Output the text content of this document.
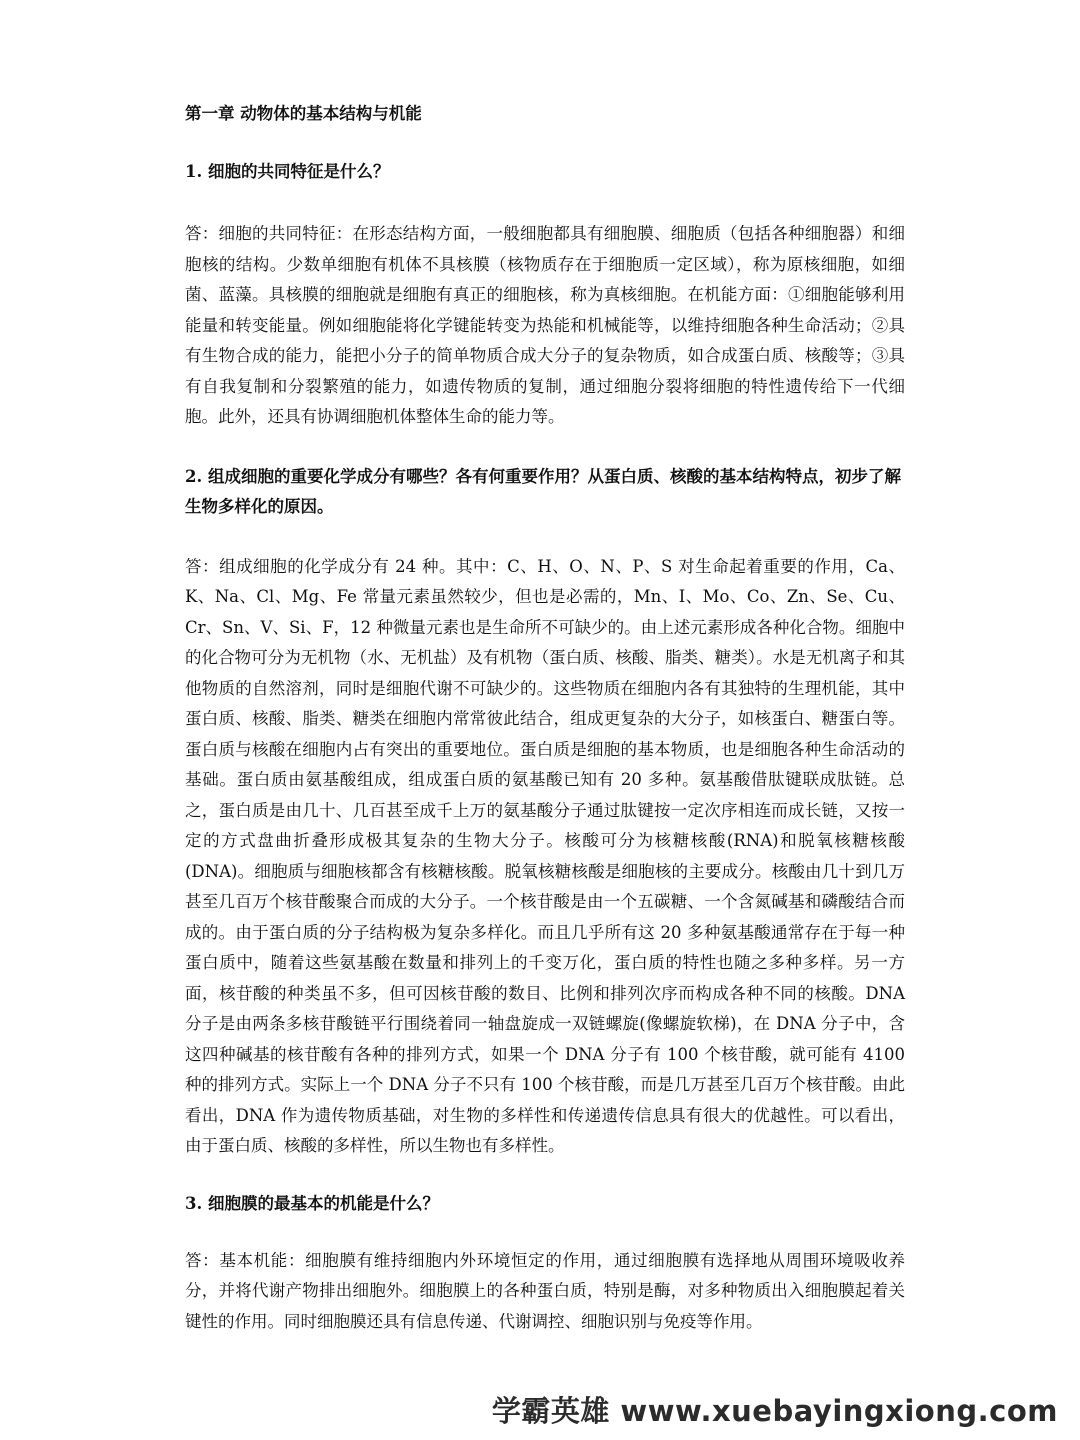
第一章 动物体的基本结构与机能

1. 细胞的共同特征是什么？

答：细胞的共同特征：在形态结构方面，一般细胞都具有细胞膜、细胞质（包括各种细胞器）和细胞核的结构。少数单细胞有机体不具核膜（核物质存在于细胞质一定区域），称为原核细胞，如细菌、蓝藻。具核膜的细胞就是细胞有真正的细胞核，称为真核细胞。在机能方面：①细胞能够利用能量和转变能量。例如细胞能将化学键能转变为热能和机械能等，以维持细胞各种生命活动；②具有生物合成的能力，能把小分子的简单物质合成大分子的复杂物质，如合成蛋白质、核酸等；③具有自我复制和分裂繁殖的能力，如遗传物质的复制，通过细胞分裂将细胞的特性遗传给下一代细胞。此外，还具有协调细胞机体整体生命的能力等。

2. 组成细胞的重要化学成分有哪些？各有何重要作用？从蛋白质、核酸的基本结构特点，初步了解生物多样化的原因。

答：组成细胞的化学成分有 24 种。其中：C、H、O、N、P、S 对生命起着重要的作用，Ca、K、Na、Cl、Mg、Fe 常量元素虽然较少，但也是必需的，Mn、I、Mo、Co、Zn、Se、Cu、Cr、Sn、V、Si、F，12 种微量元素也是生命所不可缺少的。由上述元素形成各种化合物。细胞中的化合物可分为无机物（水、无机盐）及有机物（蛋白质、核酸、脂类、糖类）。水是无机离子和其他物质的自然溶剂，同时是细胞代谢不可缺少的。这些物质在细胞内各有其独特的生理机能，其中蛋白质、核酸、脂类、糖类在细胞内常常彼此结合，组成更复杂的大分子，如核蛋白、糖蛋白等。蛋白质与核酸在细胞内占有突出的重要地位。蛋白质是细胞的基本物质，也是细胞各种生命活动的基础。蛋白质由氨基酸组成，组成蛋白质的氨基酸已知有 20 多种。氨基酸借肽键联成肽链。总之，蛋白质是由几十、几百甚至成千上万的氨基酸分子通过肽键按一定次序相连而成长链，又按一定的方式盘曲折叠形成极其复杂的生物大分子。核酸可分为核糖核酸(RNA)和脱氧核糖核酸(DNA)。细胞质与细胞核都含有核糖核酸。脱氧核糖核酸是细胞核的主要成分。核酸由几十到几万甚至几百万个核苷酸聚合而成的大分子。一个核苷酸是由一个五碳糖、一个含氮碱基和磷酸结合而成的。由于蛋白质的分子结构极为复杂多样化。而且几乎所有这 20 多种氨基酸通常存在于每一种蛋白质中，随着这些氨基酸在数量和排列上的千变万化，蛋白质的特性也随之多种多样。另一方面，核苷酸的种类虽不多，但可因核苷酸的数目、比例和排列次序而构成各种不同的核酸。DNA 分子是由两条多核苷酸链平行围绕着同一轴盘旋成一双链螺旋(像螺旋软梯)，在 DNA 分子中，含这四种碱基的核苷酸有各种的排列方式，如果一个 DNA 分子有 100 个核苷酸，就可能有 4100 种的排列方式。实际上一个 DNA 分子不只有 100 个核苷酸，而是几万甚至几百万个核苷酸。由此看出，DNA 作为遗传物质基础，对生物的多样性和传递遗传信息具有很大的优越性。可以看出，由于蛋白质、核酸的多样性，所以生物也有多样性。

3. 细胞膜的最基本的机能是什么？

答：基本机能：细胞膜有维持细胞内外环境恒定的作用，通过细胞膜有选择地从周围环境吸收养分，并将代谢产物排出细胞外。细胞膜上的各种蛋白质，特别是酶，对多种物质出入细胞膜起着关键性的作用。同时细胞膜还具有信息传递、代谢调控、细胞识别与免疫等作用。

学霸英雄 www.xuebayingxiong.com
